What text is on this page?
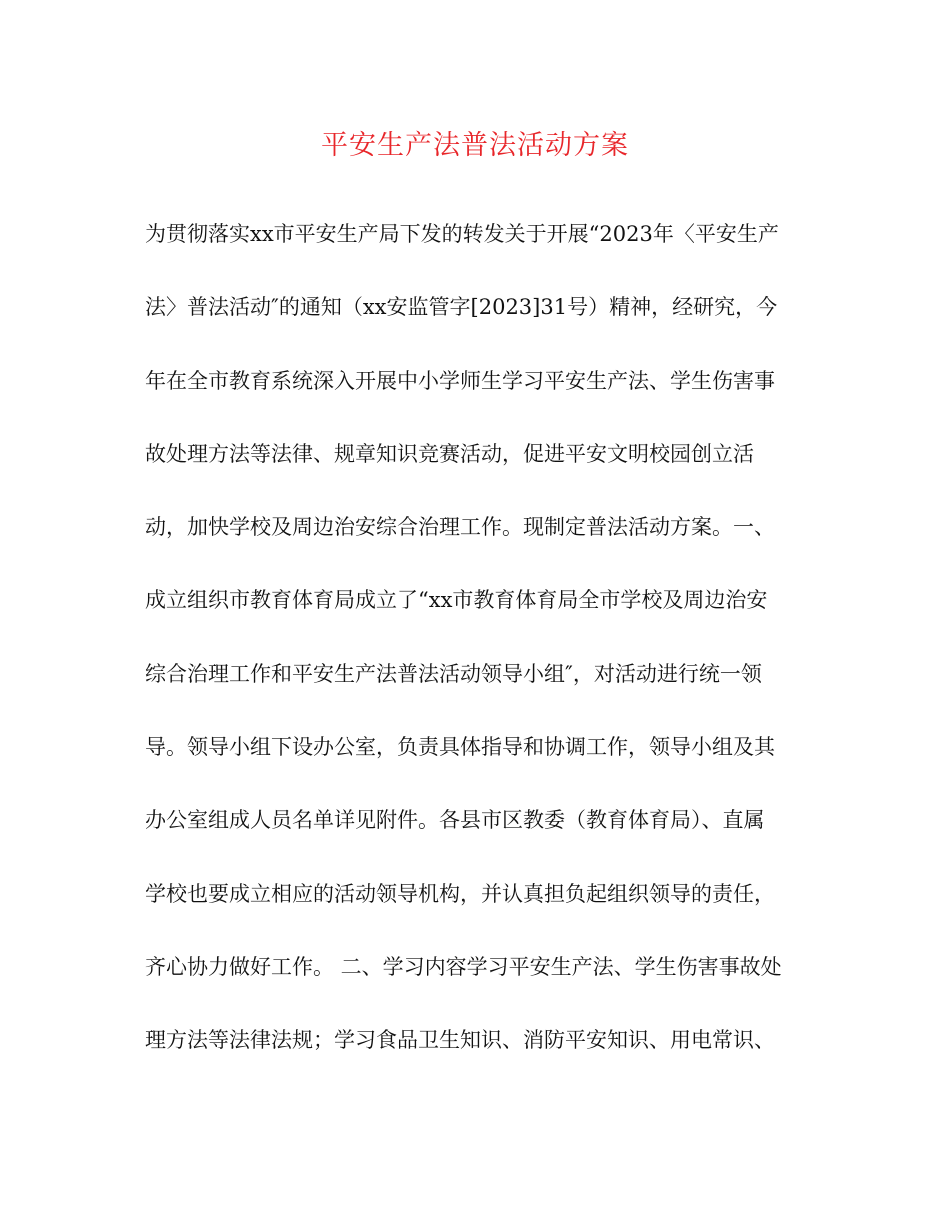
平安生产法普法活动方案
为贯彻落实xx市平安生产局下发的转发关于开展“2023年〈平安生产
法〉普法活动″的通知（xx安监管字[2023]31号）精神，经研究，今
年在全市教育系统深入开展中小学师生学习平安生产法、学生伤害事
故处理方法等法律、规章知识竞赛活动，促进平安文明校园创立活
动，加快学校及周边治安综合治理工作。现制定普法活动方案。一、
成立组织市教育体育局成立了“xx市教育体育局全市学校及周边治安
综合治理工作和平安生产法普法活动领导小组″，对活动进行统一领
导。领导小组下设办公室，负责具体指导和协调工作，领导小组及其
办公室组成人员名单详见附件。各县市区教委（教育体育局）、直属
学校也要成立相应的活动领导机构，并认真担负起组织领导的责任，
齐心协力做好工作。 二、学习内容学习平安生产法、学生伤害事故处
理方法等法律法规；学习食品卫生知识、消防平安知识、用电常识、
